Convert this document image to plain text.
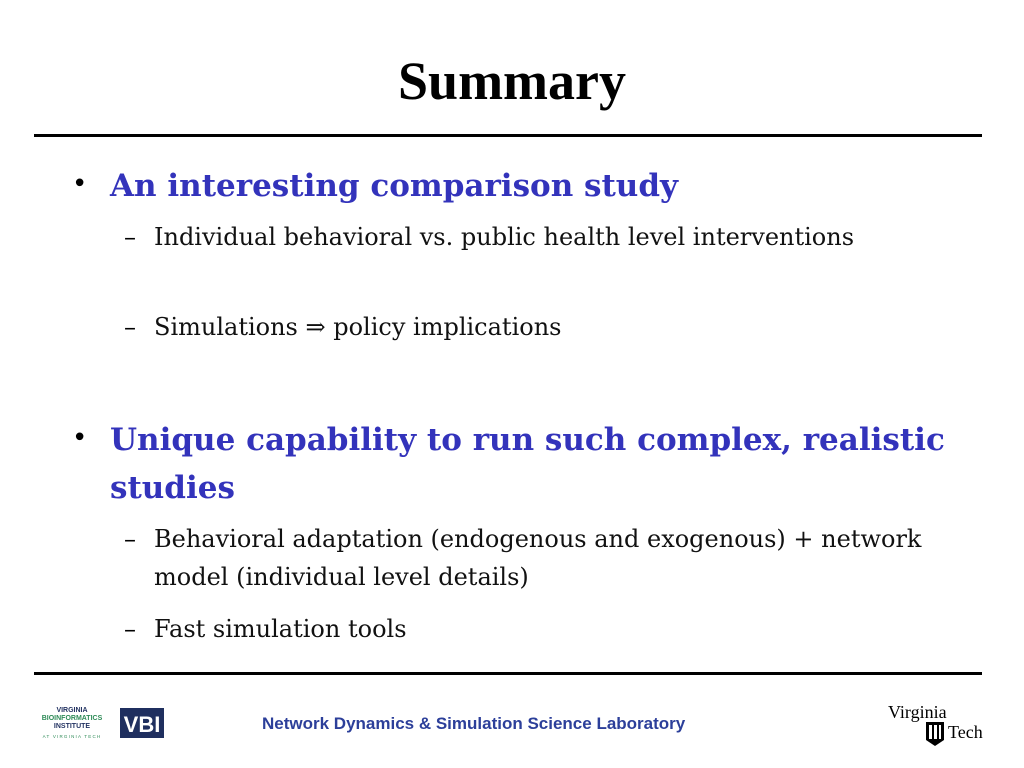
Summary
• An interesting comparison study
– Individual behavioral vs. public health level interventions
– Simulations ⇒ policy implications
• Unique capability to run such complex, realistic studies
– Behavioral adaptation (endogenous and exogenous) + network model (individual level details)
– Fast simulation tools
VIRGINIA
BIOINFORMATICS
INSTITUTE
AT VIRGINIA TECH VBI	Network Dynamics & Simulation Science Laboratory
Virginia
Tech
